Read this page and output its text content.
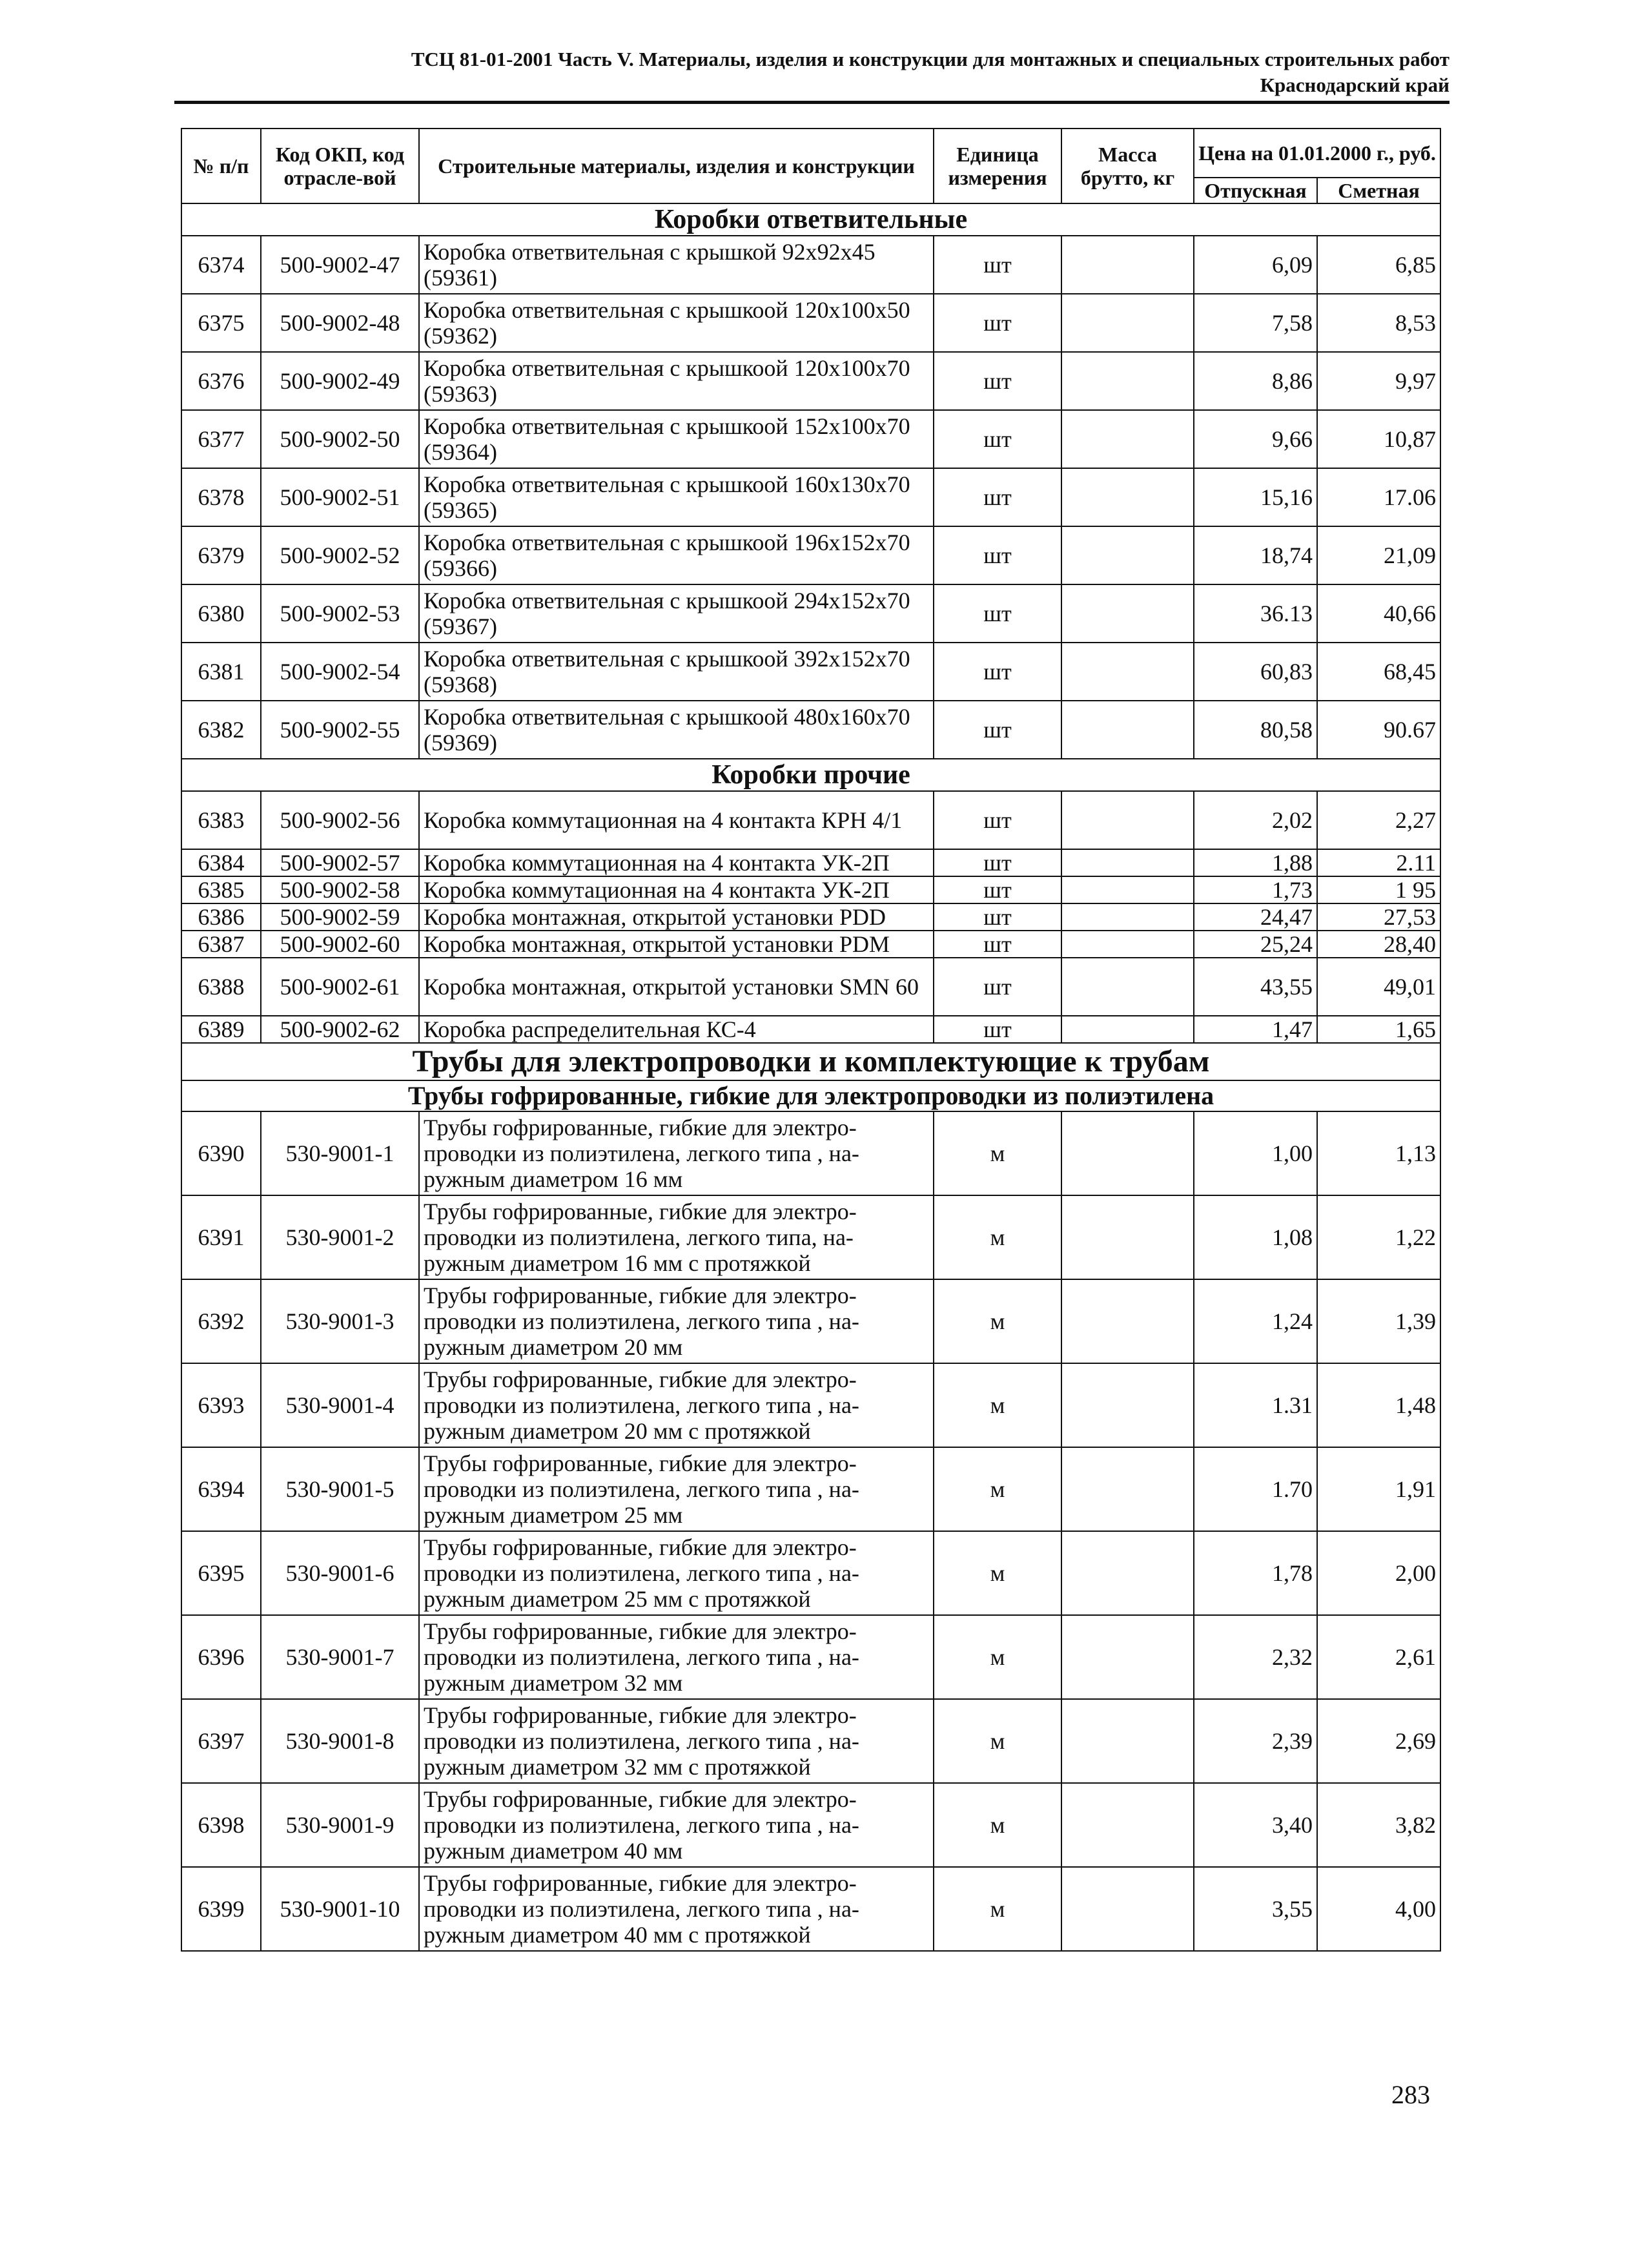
ТСЦ 81-01-2001 Часть V. Материалы, изделия и конструкции для монтажных и специальных строительных работ
Краснодарский край
№ п/п	Код ОКП, код отрасле-вой	Строительные материалы, изделия и конструкции	Единица измерения	Масса брутто, кг	Цена на 01.01.2000 г., руб.	
					Отпускная	Сметная
Коробки ответвительные						
6374	500-9002-47	Коробка ответвительная с крышкой 92х92х45 (59361)	шт		6,09	6,85
6375	500-9002-48	Коробка ответвительная с крышкоой 120х100х50 (59362)	шт		7,58	8,53
6376	500-9002-49	Коробка ответвительная с крышкоой 120х100х70 (59363)	шт		8,86	9,97
6377	500-9002-50	Коробка ответвительная с крышкоой 152х100х70 (59364)	шт		9,66	10,87
6378	500-9002-51	Коробка ответвительная с крышкоой 160х130х70 (59365)	шт		15,16	17.06
6379	500-9002-52	Коробка ответвительная с крышкоой 196х152х70 (59366)	шт		18,74	21,09
6380	500-9002-53	Коробка ответвительная с крышкоой 294х152х70 (59367)	шт		36.13	40,66
6381	500-9002-54	Коробка ответвительная с крышкоой 392х152х70 (59368)	шт		60,83	68,45
6382	500-9002-55	Коробка ответвительная с крышкоой 480х160х70 (59369)	шт		80,58	90.67
Коробки прочие						
6383	500-9002-56	Коробка коммутационная на 4 контакта КРН 4/1	шт		2,02	2,27
6384	500-9002-57	Коробка коммутационная на 4 контакта УК-2П	шт		1,88	2.11
6385	500-9002-58	Коробка коммутационная на 4 контакта УК-2П	шт		1,73	1 95
6386	500-9002-59	Коробка монтажная, открытой установки PDD	шт		24,47	27,53
6387	500-9002-60	Коробка монтажная, открытой установки PDM	шт		25,24	28,40
6388	500-9002-61	Коробка монтажная, открытой установки SMN 60	шт		43,55	49,01
6389	500-9002-62	Коробка распределительная КС-4	шт		1,47	1,65
Трубы для электропроводки и комплектующие к трубам						
Трубы гофрированные, гибкие для электропроводки из полиэтилена						
6390	530-9001-1	Трубы гофрированные, гибкие для электро-проводки из полиэтилена, легкого типа , на-ружным диаметром 16 мм	м		1,00	1,13
6391	530-9001-2	Трубы гофрированные, гибкие для электро-проводки из полиэтилена, легкого типа, на-ружным диаметром 16 мм с протяжкой	м		1,08	1,22
6392	530-9001-3	Трубы гофрированные, гибкие для электро-проводки из полиэтилена, легкого типа , на-ружным диаметром 20 мм	м		1,24	1,39
6393	530-9001-4	Трубы гофрированные, гибкие для электро-проводки из полиэтилена, легкого типа , на-ружным диаметром 20 мм с протяжкой	м		1.31	1,48
6394	530-9001-5	Трубы гофрированные, гибкие для электро-проводки из полиэтилена, легкого типа , на-ружным диаметром 25 мм	м		1.70	1,91
6395	530-9001-6	Трубы гофрированные, гибкие для электро-проводки из полиэтилена, легкого типа , на-ружным диаметром 25 мм с протяжкой	м		1,78	2,00
6396	530-9001-7	Трубы гофрированные, гибкие для электро-проводки из полиэтилена, легкого типа , на-ружным диаметром 32 мм	м		2,32	2,61
6397	530-9001-8	Трубы гофрированные, гибкие для электро-проводки из полиэтилена, легкого типа , на-ружным диаметром 32 мм с протяжкой	м		2,39	2,69
6398	530-9001-9	Трубы гофрированные, гибкие для электро-проводки из полиэтилена, легкого типа , на-ружным диаметром 40 мм	м		3,40	3,82
6399	530-9001-10	Трубы гофрированные, гибкие для электро-проводки из полиэтилена, легкого типа , на-ружным диаметром 40 мм с протяжкой	м		3,55	4,00
283
